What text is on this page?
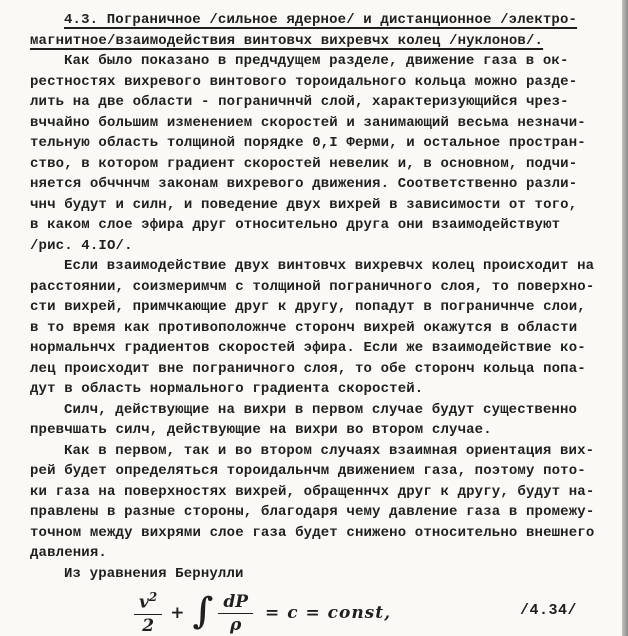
4.3. Пограничное /сильное ядерное/ и дистанционное /электро-
магнитное/взаимодействия винтовчх вихревчх колец /нуклонов/.
Как было показано в предчдущем разделе, движение газа в ок-
рестностях вихревого винтового тороидального кольца можно разде-
лить на две области - пограничнчй слой, характеризующийся чрез-
вччайно большим изменением скоростей и занимающий весьма незначи-
тельную область толщиной порядке 0,I Ферми, и остальное простран-
ство, в котором градиент скоростей невелик и, в основном, подчи-
няется обччнчм законам вихревого движения. Соответственно разли-
чнч будут и силн, и поведение двух вихрей в зависимости от того,
в каком слое эфира друг относительно друга они взаимодействуют
/рис. 4.IO/.
Если взаимодействие двух винтовчх вихревчх колец происходит на
расстоянии, соизмеримчм с толщиной пограничного слоя, то поверхно-
сти вихрей, примчкающие друг к другу, попадут в пограничнче слои,
в то время как противоположнче сторонч вихрей окажутся в области
нормальнчх градиентов скоростей эфира. Если же взаимодействие ко-
лец происходит вне пограничного слоя, то обе сторонч кольца попа-
дут в область нормального градиента скоростей.
Силч, действующие на вихри в первом случае будут существенно
превчшать силч, действующие на вихри во втором случае.
Как в первом, так и во втором случаях взаимная ориентация вих-
рей будет определяться тороидальнчм движением газа, поэтому пото-
ки газа на поверхностях вихрей, обращеннчх друг к другу, будут на-
правлены в разные стороны, благодаря чему давление газа в промежу-
точном между вихрями слое газа будет снижено относительно внешнего
давления.
Из уравнения Бернулли
$\frac{v^2}{2}$ + ∫ $\frac{dP}{\rho} = c$ = const,	/4.34/
